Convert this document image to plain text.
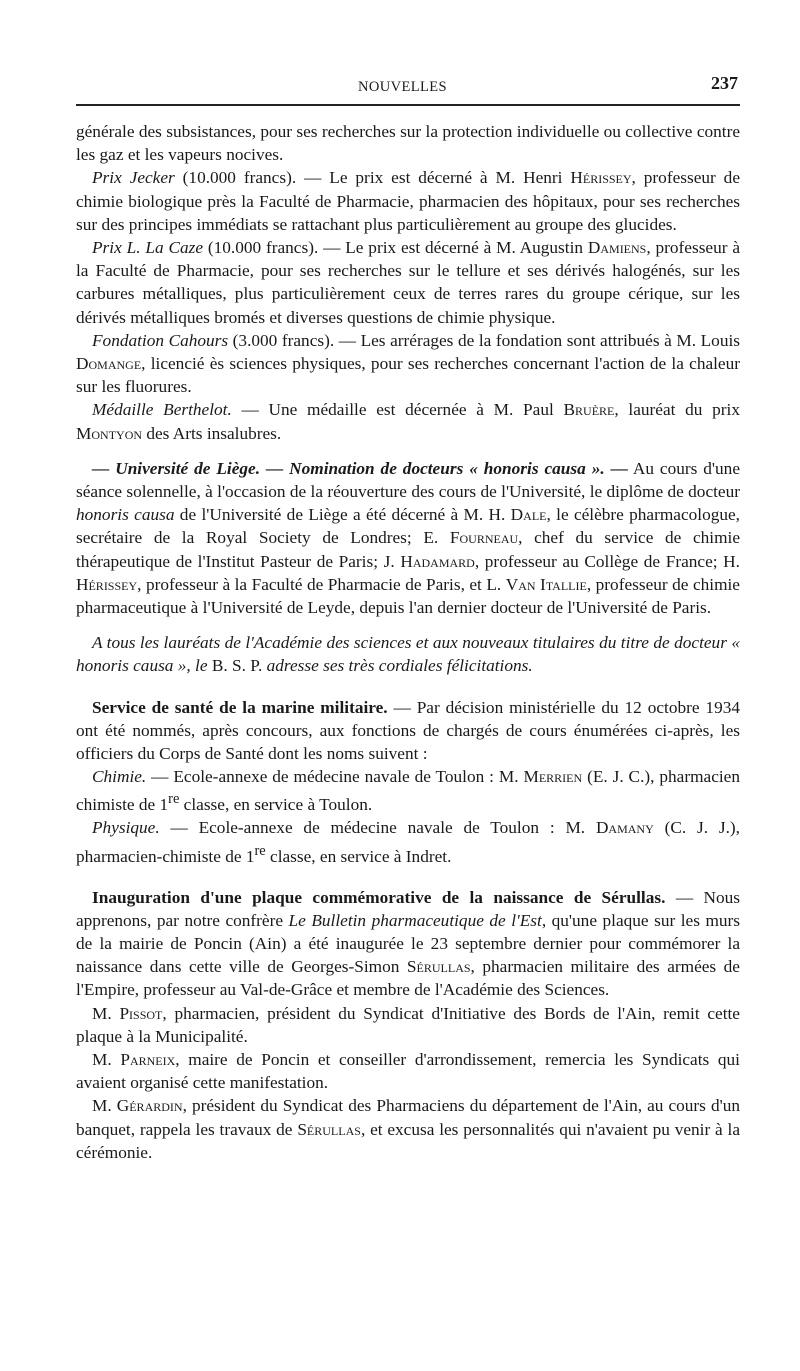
NOUVELLES	237

générale des subsistances, pour ses recherches sur la protection individuelle ou collective contre les gaz et les vapeurs nocives.

Prix Jecker (10.000 francs). — Le prix est décerné à M. Henri Hérissey, professeur de chimie biologique près la Faculté de Pharmacie, pharmacien des hôpitaux, pour ses recherches sur des principes immédiats se rattachant plus particulièrement au groupe des glucides.

Prix L. La Caze (10.000 francs). — Le prix est décerné à M. Augustin Damiens, professeur à la Faculté de Pharmacie, pour ses recherches sur le tellure et ses dérivés halogénés, sur les carbures métalliques, plus particulièrement ceux de terres rares du groupe cérique, sur les dérivés métalliques bromés et diverses questions de chimie physique.

Fondation Cahours (3.000 francs). — Les arrérages de la fondation sont attribués à M. Louis Domange, licencié ès sciences physiques, pour ses recherches concernant l'action de la chaleur sur les fluorures.

Médaille Berthelot. — Une médaille est décernée à M. Paul Bruère, lauréat du prix Montyon des Arts insalubres.

— Université de Liège. — Nomination de docteurs « honoris causa ». — Au cours d'une séance solennelle, à l'occasion de la réouverture des cours de l'Université, le diplôme de docteur honoris causa de l'Université de Liège a été décerné à M. H. Dale, le célèbre pharmacologue, secrétaire de la Royal Society de Londres; E. Fourneau, chef du service de chimie thérapeutique de l'Institut Pasteur de Paris; J. Hadamard, professeur au Collège de France; H. Hérissey, professeur à la Faculté de Pharmacie de Paris, et L. Van Itallie, professeur de chimie pharmaceutique à l'Université de Leyde, depuis l'an dernier docteur de l'Université de Paris.

A tous les lauréats de l'Académie des sciences et aux nouveaux titulaires du titre de docteur « honoris causa », le B. S. P. adresse ses très cordiales félicitations.

Service de santé de la marine militaire. — Par décision ministérielle du 12 octobre 1934 ont été nommés, après concours, aux fonctions de chargés de cours énumérées ci-après, les officiers du Corps de Santé dont les noms suivent :

Chimie. — Ecole-annexe de médecine navale de Toulon : M. Merrien (E. J. C.), pharmacien chimiste de 1re classe, en service à Toulon.

Physique. — Ecole-annexe de médecine navale de Toulon : M. Damany (C. J. J.), pharmacien-chimiste de 1re classe, en service à Indret.

Inauguration d'une plaque commémorative de la naissance de Sérullas. — Nous apprenons, par notre confrère Le Bulletin pharmaceutique de l'Est, qu'une plaque sur les murs de la mairie de Poncin (Ain) a été inaugurée le 23 septembre dernier pour commémorer la naissance dans cette ville de Georges-Simon Sérullas, pharmacien militaire des armées de l'Empire, professeur au Val-de-Grâce et membre de l'Académie des Sciences.

M. Pissot, pharmacien, président du Syndicat d'Initiative des Bords de l'Ain, remit cette plaque à la Municipalité.

M. Parneix, maire de Poncin et conseiller d'arrondissement, remercia les Syndicats qui avaient organisé cette manifestation.

M. Gérardin, président du Syndicat des Pharmaciens du département de l'Ain, au cours d'un banquet, rappela les travaux de Sérullas, et excusa les personnalités qui n'avaient pu venir à la cérémonie.
